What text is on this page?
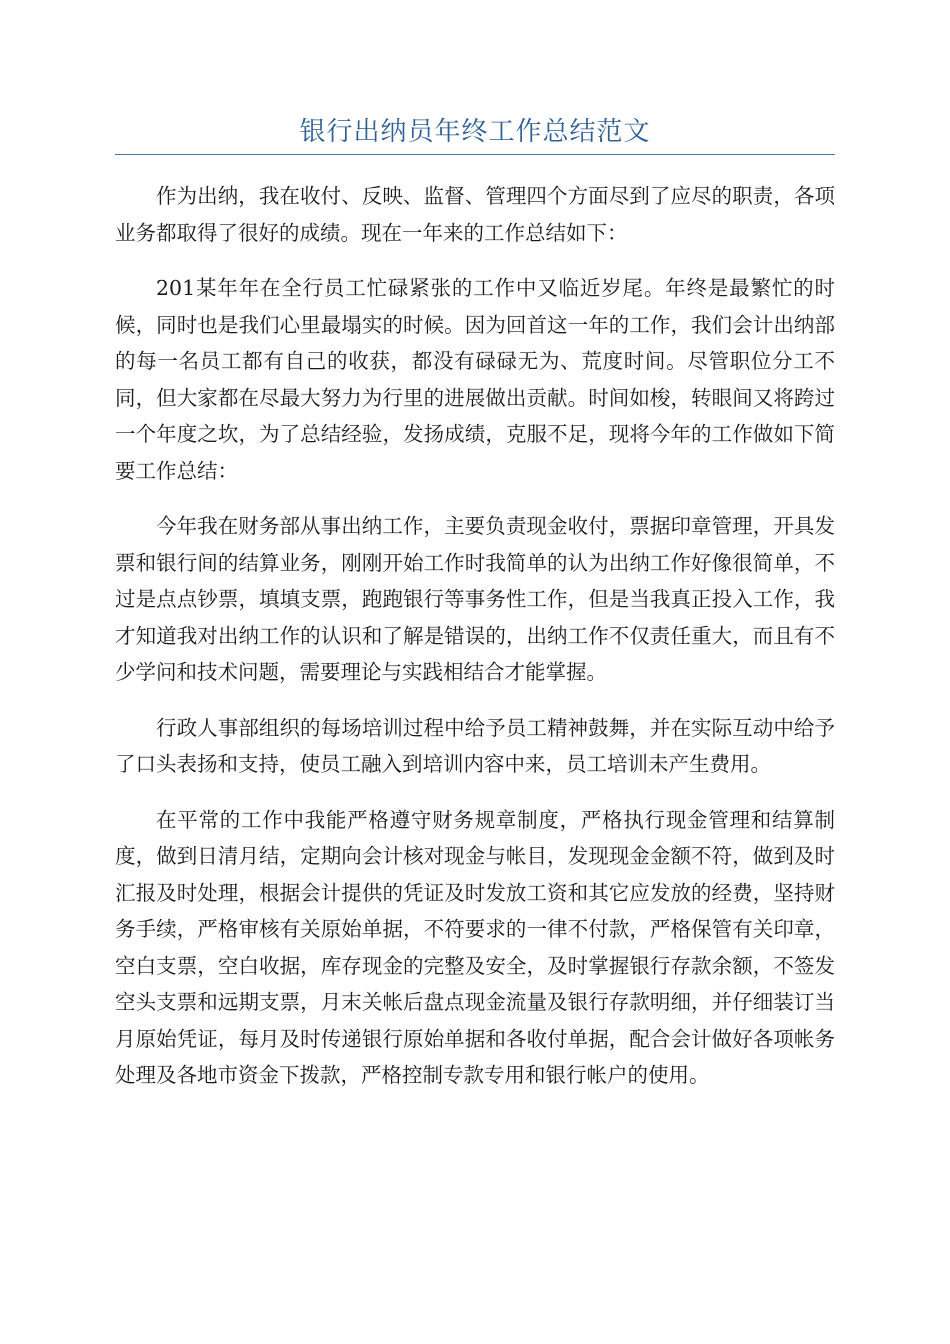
银行出纳员年终工作总结范文

作为出纳，我在收付、反映、监督、管理四个方面尽到了应尽的职责，各项业务都取得了很好的成绩。现在一年来的工作总结如下：

201某年年在全行员工忙碌紧张的工作中又临近岁尾。年终是最繁忙的时候，同时也是我们心里最塌实的时候。因为回首这一年的工作，我们会计出纳部的每一名员工都有自己的收获，都没有碌碌无为、荒度时间。尽管职位分工不同，但大家都在尽最大努力为行里的进展做出贡献。时间如梭，转眼间又将跨过一个年度之坎，为了总结经验，发扬成绩，克服不足，现将今年的工作做如下简要工作总结：

今年我在财务部从事出纳工作，主要负责现金收付，票据印章管理，开具发票和银行间的结算业务，刚刚开始工作时我简单的认为出纳工作好像很简单，不过是点点钞票，填填支票，跑跑银行等事务性工作，但是当我真正投入工作，我才知道我对出纳工作的认识和了解是错误的，出纳工作不仅责任重大，而且有不少学问和技术问题，需要理论与实践相结合才能掌握。

行政人事部组织的每场培训过程中给予员工精神鼓舞，并在实际互动中给予了口头表扬和支持，使员工融入到培训内容中来，员工培训未产生费用。

在平常的工作中我能严格遵守财务规章制度，严格执行现金管理和结算制度，做到日清月结，定期向会计核对现金与帐目，发现现金金额不符，做到及时汇报及时处理，根据会计提供的凭证及时发放工资和其它应发放的经费，坚持财务手续，严格审核有关原始单据，不符要求的一律不付款，严格保管有关印章，空白支票，空白收据，库存现金的完整及安全，及时掌握银行存款余额，不签发空头支票和远期支票，月末关帐后盘点现金流量及银行存款明细，并仔细装订当月原始凭证，每月及时传递银行原始单据和各收付单据，配合会计做好各项帐务处理及各地市资金下拨款，严格控制专款专用和银行帐户的使用。
